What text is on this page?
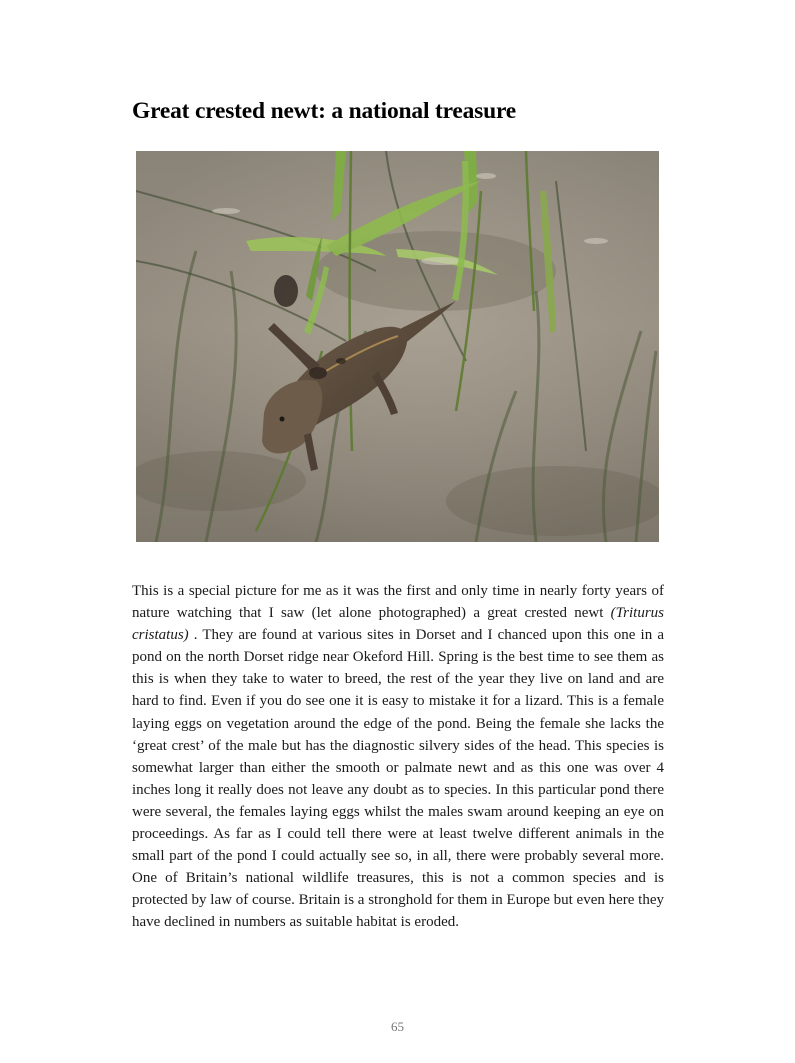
Great crested newt: a national treasure

This is a special picture for me as it was the first and only time in nearly forty years of nature watching that I saw (let alone photographed) a great crested newt (Triturus cristatus) . They are found at various sites in Dorset and I chanced upon this one in a pond on the north Dorset ridge near Okeford Hill. Spring is the best time to see them as this is when they take to water to breed, the rest of the year they live on land and are hard to find. Even if you do see one it is easy to mistake it for a lizard. This is a female laying eggs on vegetation around the edge of the pond. Being the female she lacks the ‘great crest’ of the male but has the diagnostic silvery sides of the head. This species is somewhat larger than either the smooth or palmate newt and as this one was over 4 inches long it really does not leave any doubt as to species. In this particular pond there were several, the females laying eggs whilst the males swam around keeping an eye on proceedings. As far as I could tell there were at least twelve different animals in the small part of the pond I could actually see so, in all, there were probably several more. One of Britain’s national wildlife treasures, this is not a common species and is protected by law of course. Britain is a stronghold for them in Europe but even here they have declined in numbers as suitable habitat is eroded.

65
